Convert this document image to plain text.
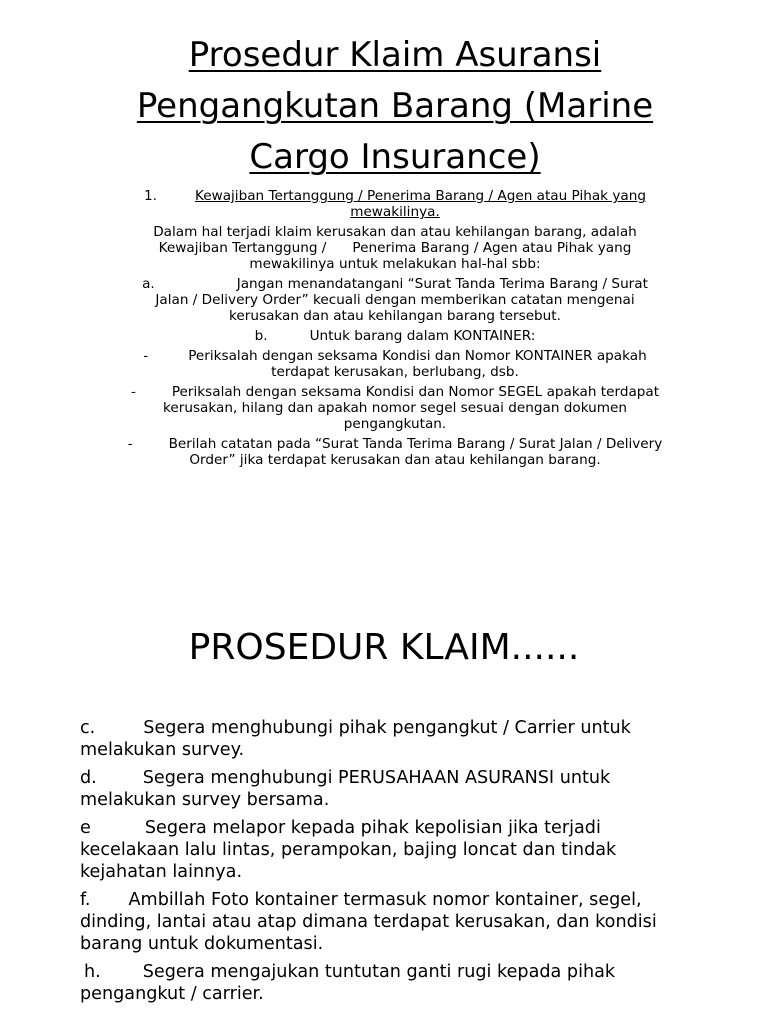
Prosedur Klaim Asuransi Pengangkutan Barang (Marine Cargo Insurance)

1.	Kewajiban Tertanggung / Penerima Barang / Agen atau Pihak yang mewakilinya.

Dalam hal terjadi klaim kerusakan dan atau kehilangan barang, adalah Kewajiban Tertanggung / Penerima Barang / Agen atau Pihak yang mewakilinya untuk melakukan hal-hal sbb:

a.	Jangan menandatangani “Surat Tanda Terima Barang / Surat Jalan / Delivery Order” kecuali dengan memberikan catatan mengenai kerusakan dan atau kehilangan barang tersebut.

b.	Untuk barang dalam KONTAINER:

-	Periksalah dengan seksama Kondisi dan Nomor KONTAINER apakah terdapat kerusakan, berlubang, dsb.

-	Periksalah dengan seksama Kondisi dan Nomor SEGEL apakah terdapat kerusakan, hilang dan apakah nomor segel sesuai dengan dokumen pengangkutan.

-	Berilah catatan pada “Surat Tanda Terima Barang / Surat Jalan / Delivery Order” jika terdapat kerusakan dan atau kehilangan barang.

PROSEDUR KLAIM......

c.	Segera menghubungi pihak pengangkut / Carrier untuk melakukan survey.

d.	Segera menghubungi PERUSAHAAN ASURANSI untuk melakukan survey bersama.

e	Segera melapor kepada pihak kepolisian jika terjadi kecelakaan lalu lintas, perampokan, bajing loncat dan tindak kejahatan lainnya.

f. Ambillah Foto kontainer termasuk nomor kontainer, segel, dinding, lantai atau atap dimana terdapat kerusakan, dan kondisi barang untuk dokumentasi.

h. Segera mengajukan tuntutan ganti rugi kepada pihak pengangkut / carrier.
